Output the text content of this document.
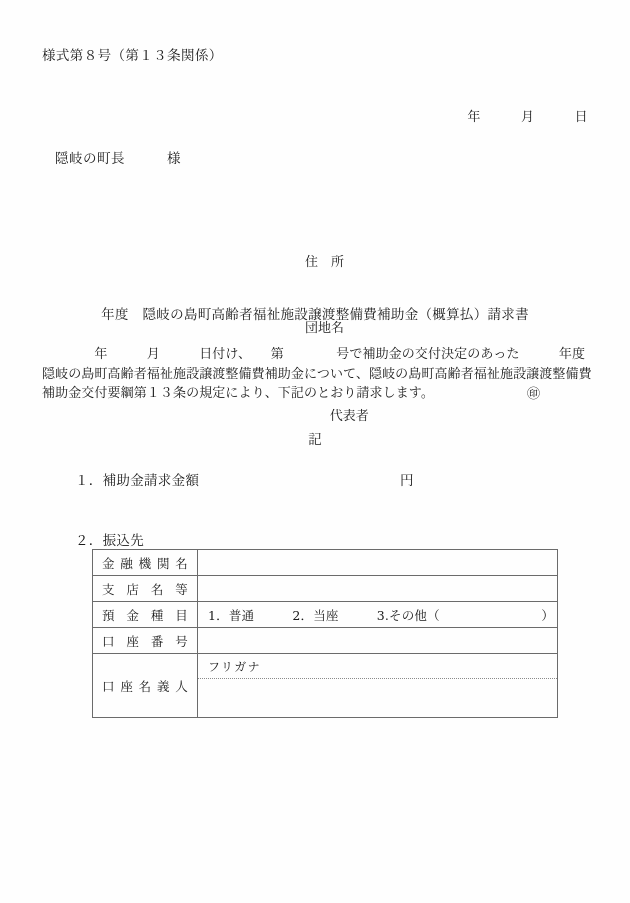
様式第８号（第１３条関係）
年　　　月　　　日
隠岐の町長　　　様

住　所

団地名

代表者

㊞

年度　隠岐の島町高齢者福祉施設譲渡整備費補助金（概算払）請求書
　　　　年　　　月　　　日付け、　　第　　　　号で補助金の交付決定のあった　　　年度隠岐の島町高齢者福祉施設譲渡整備費補助金について、隠岐の島町高齢者福祉施設譲渡整備費補助金交付要綱第１３条の規定により、下記のとおり請求します。
記
１．補助金請求金額	円
２．振込先
金融機関名	

支店名等	

預金種目	1．普通　　　2．当座　　　3.その他（　　　　　　　　）

口座番号	

口座名義人	フリガナ
